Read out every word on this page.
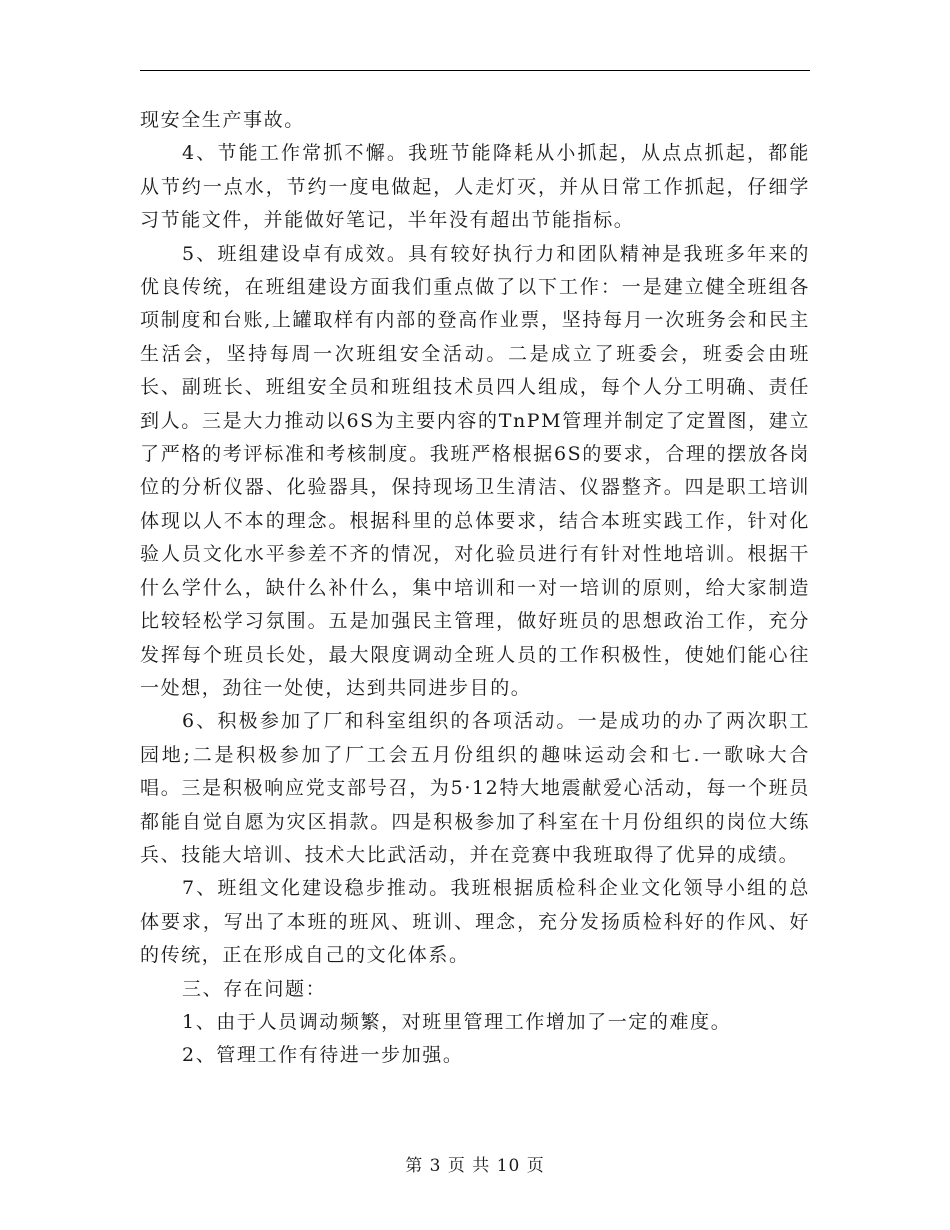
现安全生产事故。

4、节能工作常抓不懈。我班节能降耗从小抓起，从点点抓起，都能从节约一点水，节约一度电做起，人走灯灭，并从日常工作抓起，仔细学习节能文件，并能做好笔记，半年没有超出节能指标。

5、班组建设卓有成效。具有较好执行力和团队精神是我班多年来的优良传统，在班组建设方面我们重点做了以下工作：一是建立健全班组各项制度和台账,上罐取样有内部的登高作业票，坚持每月一次班务会和民主生活会，坚持每周一次班组安全活动。二是成立了班委会，班委会由班长、副班长、班组安全员和班组技术员四人组成，每个人分工明确、责任到人。三是大力推动以6S为主要内容的TnPM管理并制定了定置图，建立了严格的考评标准和考核制度。我班严格根据6S的要求，合理的摆放各岗位的分析仪器、化验器具，保持现场卫生清洁、仪器整齐。四是职工培训体现以人不本的理念。根据科里的总体要求，结合本班实践工作，针对化验人员文化水平参差不齐的情况，对化验员进行有针对性地培训。根据干什么学什么，缺什么补什么，集中培训和一对一培训的原则，给大家制造比较轻松学习氛围。五是加强民主管理，做好班员的思想政治工作，充分发挥每个班员长处，最大限度调动全班人员的工作积极性，使她们能心往一处想，劲往一处使，达到共同进步目的。

6、积极参加了厂和科室组织的各项活动。一是成功的办了两次职工园地;二是积极参加了厂工会五月份组织的趣味运动会和七.一歌咏大合唱。三是积极响应党支部号召，为5·12特大地震献爱心活动，每一个班员都能自觉自愿为灾区捐款。四是积极参加了科室在十月份组织的岗位大练兵、技能大培训、技术大比武活动，并在竞赛中我班取得了优异的成绩。

7、班组文化建设稳步推动。我班根据质检科企业文化领导小组的总体要求，写出了本班的班风、班训、理念，充分发扬质检科好的作风、好的传统，正在形成自己的文化体系。

三、存在问题：

1、由于人员调动频繁，对班里管理工作增加了一定的难度。

2、管理工作有待进一步加强。

第 3 页 共 10 页
